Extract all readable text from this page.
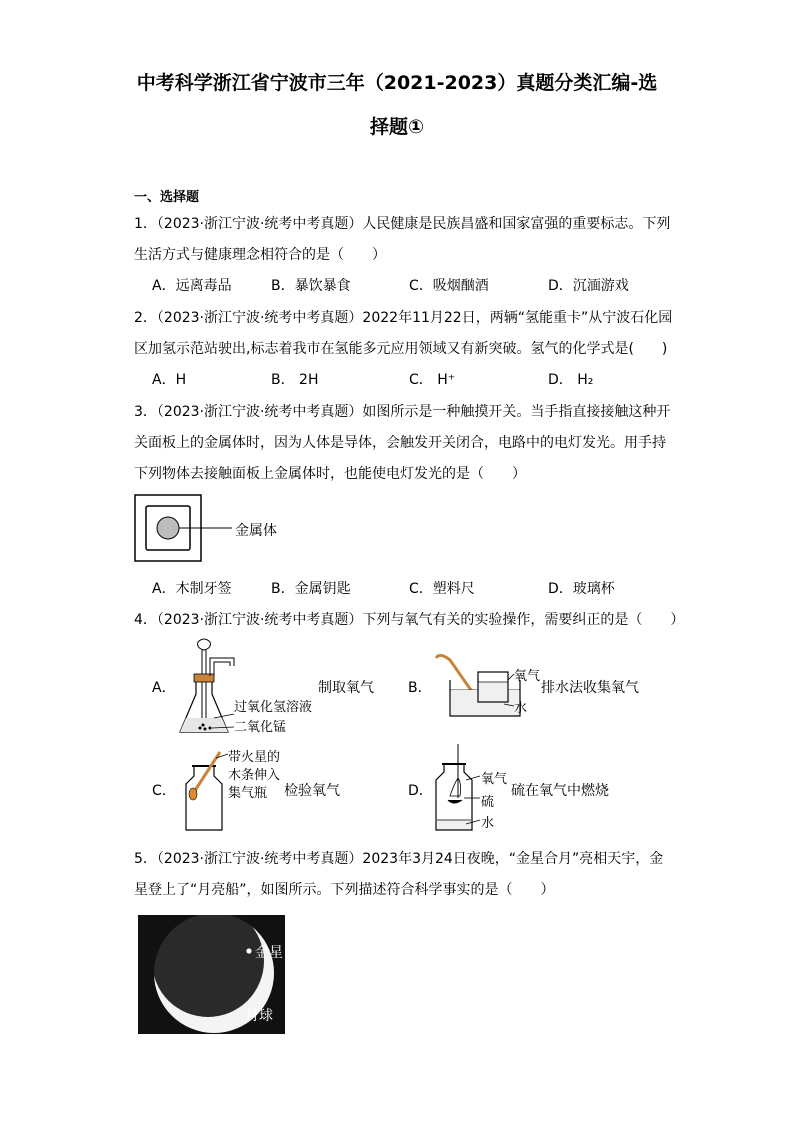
中考科学浙江省宁波市三年（2021-2023）真题分类汇编-选
择题①
一、选择题
1．（2023·浙江宁波·统考中考真题）人民健康是民族昌盛和国家富强的重要标志。下列
生活方式与健康理念相符合的是（　　）
A．远离毒品	B．暴饮暴食	C．吸烟酗酒	D．沉湎游戏
2．（2023·浙江宁波·统考中考真题）2022年11月22日，两辆“氢能重卡”从宁波石化园
区加氢示范站驶出,标志着我市在氢能多元应用领域又有新突破。氢气的化学式是(　　)
A．H	B． 2H	C． H⁺	D． H₂
3．（2023·浙江宁波·统考中考真题）如图所示是一种触摸开关。当手指直接接触这种开
关面板上的金属体时，因为人体是导体，会触发开关闭合，电路中的电灯发光。用手持
下列物体去接触面板上金属体时，也能使电灯发光的是（　　）
金属体
A．木制牙签	B．金属钥匙	C．塑料尺	D．玻璃杯
4．（2023·浙江宁波·统考中考真题）下列与氧气有关的实验操作，需要纠正的是（　　）
A．
过氧化氢溶液
二氧化锰
制取氧气 B．
氧气
水
排水法收集氧气
C．
带火星的
木条伸入
集气瓶 检验氧气	D．
氧气
硫
水
硫在氧气中燃烧
5．（2023·浙江宁波·统考中考真题）2023年3月24日夜晚，“金星合月”亮相天宇，金
星登上了“月亮船”，如图所示。下列描述符合科学事实的是（　　）
金星
月球
